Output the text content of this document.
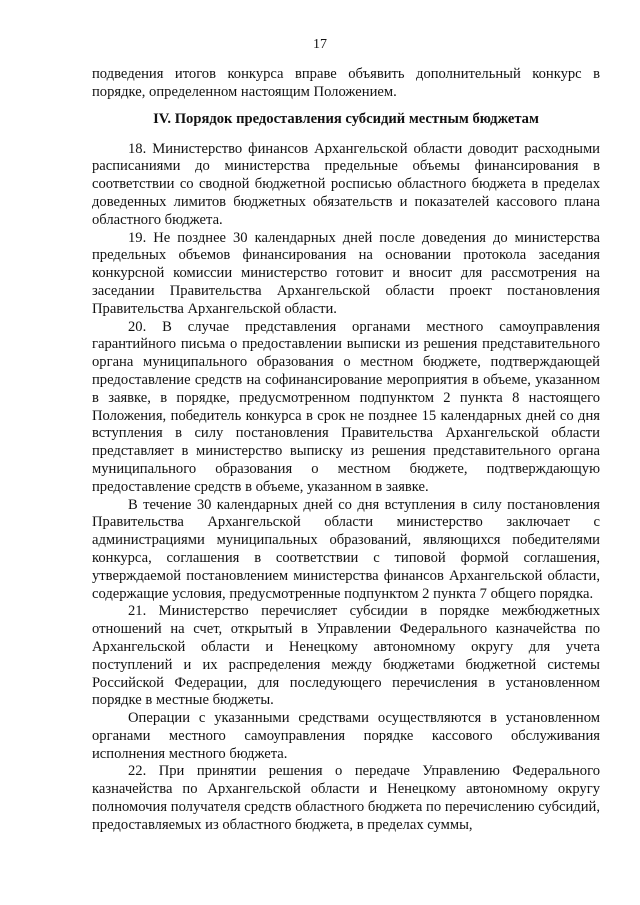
17

подведения итогов конкурса вправе объявить дополнительный конкурс в порядке, определенном настоящим Положением.

IV. Порядок предоставления субсидий местным бюджетам

18. Министерство финансов Архангельской области доводит расходными расписаниями до министерства предельные объемы финансирования в соответствии со сводной бюджетной росписью областного бюджета в пределах доведенных лимитов бюджетных обязательств и показателей кассового плана областного бюджета.

19. Не позднее 30 календарных дней после доведения до министерства предельных объемов финансирования на основании протокола заседания конкурсной комиссии министерство готовит и вносит для рассмотрения на заседании Правительства Архангельской области проект постановления Правительства Архангельской области.

20. В случае представления органами местного самоуправления гарантийного письма о предоставлении выписки из решения представительного органа муниципального образования о местном бюджете, подтверждающей предоставление средств на софинансирование мероприятия в объеме, указанном в заявке, в порядке, предусмотренном подпунктом 2 пункта 8 настоящего Положения, победитель конкурса в срок не позднее 15 календарных дней со дня вступления в силу постановления Правительства Архангельской области представляет в министерство выписку из решения представительного органа муниципального образования о местном бюджете, подтверждающую предоставление средств в объеме, указанном в заявке.

В течение 30 календарных дней со дня вступления в силу постановления Правительства Архангельской области министерство заключает с администрациями муниципальных образований, являющихся победителями конкурса, соглашения в соответствии с типовой формой соглашения, утверждаемой постановлением министерства финансов Архангельской области, содержащие условия, предусмотренные подпунктом 2 пункта 7 общего порядка.

21. Министерство перечисляет субсидии в порядке межбюджетных отношений на счет, открытый в Управлении Федерального казначейства по Архангельской области и Ненецкому автономному округу для учета поступлений и их распределения между бюджетами бюджетной системы Российской Федерации, для последующего перечисления в установленном порядке в местные бюджеты.

Операции с указанными средствами осуществляются в установленном органами местного самоуправления порядке кассового обслуживания исполнения местного бюджета.

22. При принятии решения о передаче Управлению Федерального казначейства по Архангельской области и Ненецкому автономному округу полномочия получателя средств областного бюджета по перечислению субсидий, предоставляемых из областного бюджета, в пределах суммы,
